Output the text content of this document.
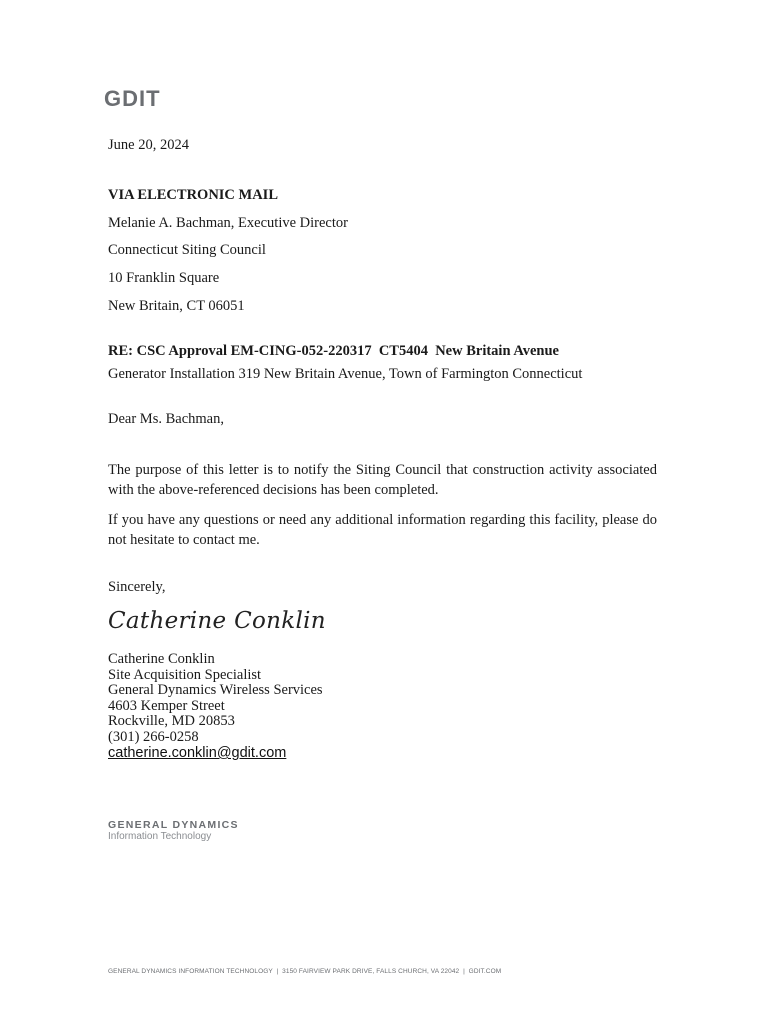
GDIT
June 20, 2024
VIA ELECTRONIC MAIL
Melanie A. Bachman, Executive Director
Connecticut Siting Council
10 Franklin Square
New Britain, CT 06051
RE: CSC Approval EM-CING-052-220317  CT5404  New Britain Avenue
Generator Installation 319 New Britain Avenue, Town of Farmington Connecticut
Dear Ms. Bachman,
The purpose of this letter is to notify the Siting Council that construction activity associated with the above-referenced decisions has been completed.
If you have any questions or need any additional information regarding this facility, please do not hesitate to contact me.
Sincerely,
Catherine Conklin
Catherine Conklin
Site Acquisition Specialist
General Dynamics Wireless Services
4603 Kemper Street
Rockville, MD 20853
(301) 266-0258
catherine.conklin@gdit.com
GENERAL DYNAMICS
Information Technology
GENERAL DYNAMICS INFORMATION TECHNOLOGY  |  3150 FAIRVIEW PARK DRIVE, FALLS CHURCH, VA 22042  |  GDIT.COM
